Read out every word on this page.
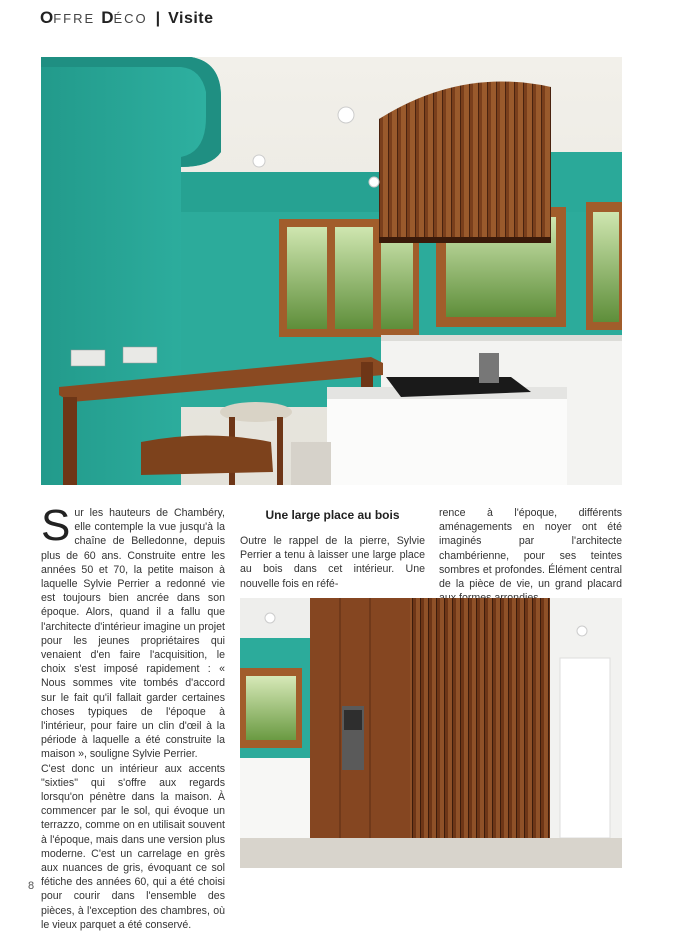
O FFRE D ÉCO | Visite

Sur les hauteurs de Chambéry, elle contemple la vue jusqu'à la chaîne de Belledonne, depuis plus de 60 ans. Construite entre les années 50 et 70, la petite maison à laquelle Sylvie Perrier a redonné vie est toujours bien ancrée dans son époque. Alors, quand il a fallu que l'architecte d'intérieur imagine un projet pour les jeunes propriétaires qui venaient d'en faire l'acquisition, le choix s'est imposé rapidement : « Nous sommes vite tombés d'accord sur le fait qu'il fallait garder certaines choses typiques de l'époque à l'intérieur, pour faire un clin d'œil à la période à laquelle a été construite la maison », souligne Sylvie Perrier.

C'est donc un intérieur aux accents "sixties" qui s'offre aux regards lorsqu'on pénètre dans la maison. À commencer par le sol, qui évoque un terrazzo, comme on en utilisait souvent à l'époque, mais dans une version plus moderne. C'est un carrelage en grès aux nuances de gris, évoquant ce sol fétiche des années 60, qui a été choisi pour courir dans l'ensemble des pièces, à l'exception des chambres, où le vieux parquet a été conservé.

Une large place au bois

Outre le rappel de la pierre, Sylvie Perrier a tenu à laisser une large place au bois dans cet intérieur. Une nouvelle fois en réfé-

rence à l'époque, différents aménagements en noyer ont été imaginés par l'architecte chambérienne, pour ses teintes sombres et profondes. Élément central de la pièce de vie, un grand placard

8
